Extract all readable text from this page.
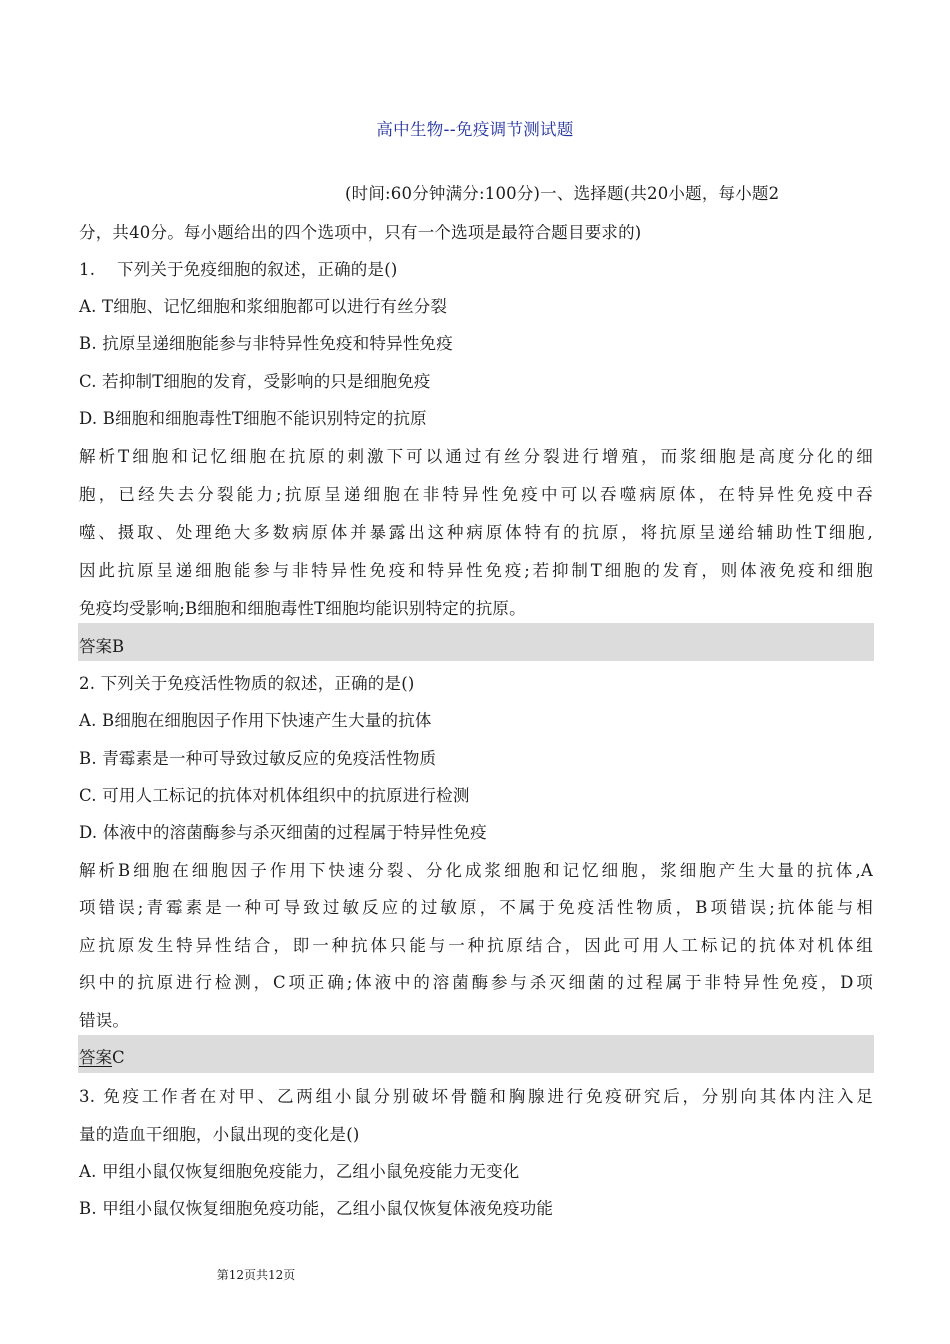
高中生物--免疫调节测试题
(时间:60分钟满分:100分)一、选择题(共20小题，每小题2
分，共40分。每小题给出的四个选项中，只有一个选项是最符合题目要求的)
1. 下列关于免疫细胞的叙述，正确的是()
A. T细胞、记忆细胞和浆细胞都可以进行有丝分裂
B. 抗原呈递细胞能参与非特异性免疫和特异性免疫
C. 若抑制T细胞的发育，受影响的只是细胞免疫
D. B细胞和细胞毒性T细胞不能识别特定的抗原
解析T细胞和记忆细胞在抗原的刺激下可以通过有丝分裂进行增殖，而浆细胞是高度分化的细
胞，已经失去分裂能力;抗原呈递细胞在非特异性免疫中可以吞噬病原体，在特异性免疫中吞
噬、摄取、处理绝大多数病原体并暴露出这种病原体特有的抗原，将抗原呈递给辅助性T细胞,
因此抗原呈递细胞能参与非特异性免疫和特异性免疫;若抑制T细胞的发育，则体液免疫和细胞
免疫均受影响;B细胞和细胞毒性T细胞均能识别特定的抗原。
答案B
2. 下列关于免疫活性物质的叙述，正确的是()
A. B细胞在细胞因子作用下快速产生大量的抗体
B. 青霉素是一种可导致过敏反应的免疫活性物质
C. 可用人工标记的抗体对机体组织中的抗原进行检测
D. 体液中的溶菌酶参与杀灭细菌的过程属于特异性免疫
解析B细胞在细胞因子作用下快速分裂、分化成浆细胞和记忆细胞，浆细胞产生大量的抗体,A
项错误;青霉素是一种可导致过敏反应的过敏原，不属于免疫活性物质，B项错误;抗体能与相
应抗原发生特异性结合，即一种抗体只能与一种抗原结合，因此可用人工标记的抗体对机体组
织中的抗原进行检测，C项正确;体液中的溶菌酶参与杀灭细菌的过程属于非特异性免疫，D项
错误。
答案C
3. 免疫工作者在对甲、乙两组小鼠分别破坏骨髓和胸腺进行免疫研究后，分别向其体内注入足
量的造血干细胞，小鼠出现的变化是()
A. 甲组小鼠仅恢复细胞免疫能力，乙组小鼠免疫能力无变化
B. 甲组小鼠仅恢复细胞免疫功能，乙组小鼠仅恢复体液免疫功能
第12页共12页
